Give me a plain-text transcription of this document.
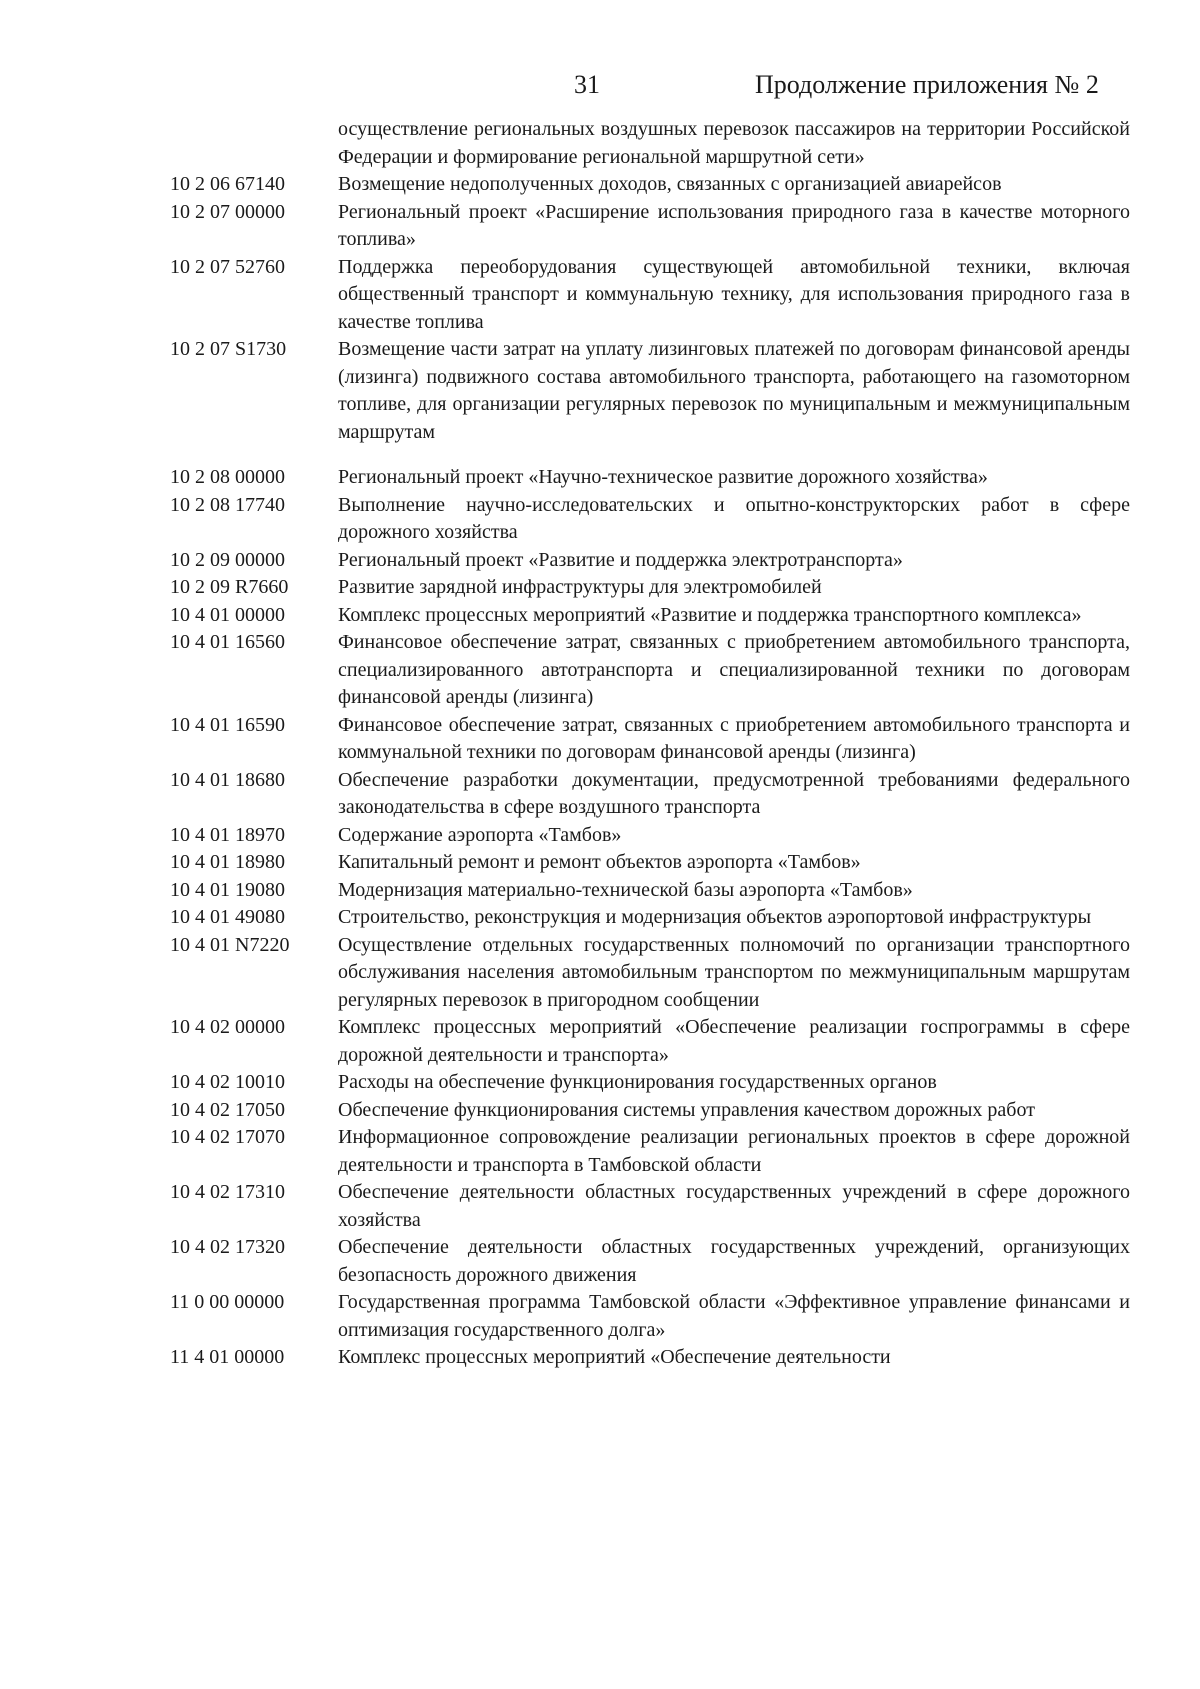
31	Продолжение приложения № 2
осуществление региональных воздушных перевозок пассажиров на территории Российской Федерации и формирование региональной маршрутной сети»
10 2 06 67140	Возмещение недополученных доходов, связанных с организацией авиарейсов
10 2 07 00000	Региональный проект «Расширение использования природного газа в качестве моторного топлива»
10 2 07 52760	Поддержка переоборудования существующей автомобильной техники, включая общественный транспорт и коммунальную технику, для использования природного газа в качестве топлива
10 2 07 S1730	Возмещение части затрат на уплату лизинговых платежей по договорам финансовой аренды (лизинга) подвижного состава автомобильного транспорта, работающего на газомоторном топливе, для организации регулярных перевозок по муниципальным и межмуниципальным маршрутам
10 2 08 00000	Региональный проект «Научно-техническое развитие дорожного хозяйства»
10 2 08 17740	Выполнение научно-исследовательских и опытно-конструкторских работ в сфере дорожного хозяйства
10 2 09 00000	Региональный проект «Развитие и поддержка электротранспорта»
10 2 09 R7660	Развитие зарядной инфраструктуры для электромобилей
10 4 01 00000	Комплекс процессных мероприятий «Развитие и поддержка транспортного комплекса»
10 4 01 16560	Финансовое обеспечение затрат, связанных с приобретением автомобильного транспорта, специализированного автотранспорта и специализированной техники по договорам финансовой аренды (лизинга)
10 4 01 16590	Финансовое обеспечение затрат, связанных с приобретением автомобильного транспорта и коммунальной техники по договорам финансовой аренды (лизинга)
10 4 01 18680	Обеспечение разработки документации, предусмотренной требованиями федерального законодательства в сфере воздушного транспорта
10 4 01 18970	Содержание аэропорта «Тамбов»
10 4 01 18980	Капитальный ремонт и ремонт объектов аэропорта «Тамбов»
10 4 01 19080	Модернизация материально-технической базы аэропорта «Тамбов»
10 4 01 49080	Строительство, реконструкция и модернизация объектов аэропортовой инфраструктуры
10 4 01 N7220	Осуществление отдельных государственных полномочий по организации транспортного обслуживания населения автомобильным транспортом по межмуниципальным маршрутам регулярных перевозок в пригородном сообщении
10 4 02 00000	Комплекс процессных мероприятий «Обеспечение реализации госпрограммы в сфере дорожной деятельности и транспорта»
10 4 02 10010	Расходы на обеспечение функционирования государственных органов
10 4 02 17050	Обеспечение функционирования системы управления качеством дорожных работ
10 4 02 17070	Информационное сопровождение реализации региональных проектов в сфере дорожной деятельности и транспорта в Тамбовской области
10 4 02 17310	Обеспечение деятельности областных государственных учреждений в сфере дорожного хозяйства
10 4 02 17320	Обеспечение деятельности областных государственных учреждений, организующих безопасность дорожного движения
11 0 00 00000	Государственная программа Тамбовской области «Эффективное управление финансами и оптимизация государственного долга»
11 4 01 00000	Комплекс процессных мероприятий «Обеспечение деятельности
